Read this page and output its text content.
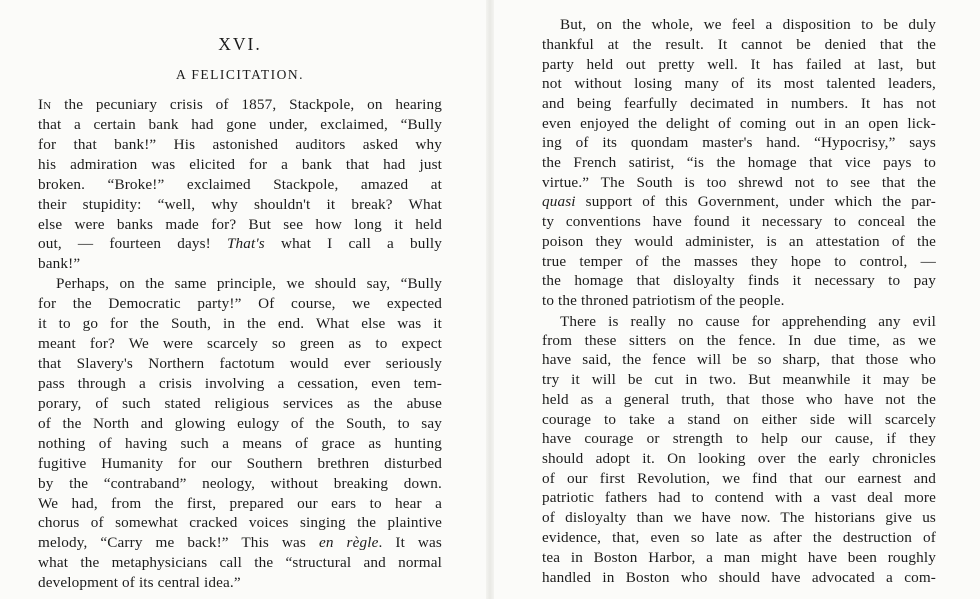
XVI.
A FELICITATION.

In the pecuniary crisis of 1857, Stackpole, on hearing

that a certain bank had gone under, exclaimed, “Bully

for that bank!” His astonished auditors asked why

his admiration was elicited for a bank that had just

broken. “Broke!” exclaimed Stackpole, amazed at

their stupidity: “well, why shouldn't it break? What

else were banks made for? But see how long it held

out, — fourteen days! That's what I call a bully

bank!”

Perhaps, on the same principle, we should say, “Bully

for the Democratic party!” Of course, we expected

it to go for the South, in the end. What else was it

meant for? We were scarcely so green as to expect

that Slavery's Northern factotum would ever seriously

pass through a crisis involving a cessation, even tem-

porary, of such stated religious services as the abuse

of the North and glowing eulogy of the South, to say

nothing of having such a means of grace as hunting

fugitive Humanity for our Southern brethren disturbed

by the “contraband” neology, without breaking down.

We had, from the first, prepared our ears to hear a

chorus of somewhat cracked voices singing the plaintive

melody, “Carry me back!” This was en règle. It was

what the metaphysicians call the “structural and normal

development of its central idea.”

But, on the whole, we feel a disposition to be duly

thankful at the result. It cannot be denied that the

party held out pretty well. It has failed at last, but

not without losing many of its most talented leaders,

and being fearfully decimated in numbers. It has not

even enjoyed the delight of coming out in an open lick-

ing of its quondam master's hand. “Hypocrisy,” says

the French satirist, “is the homage that vice pays to

virtue.” The South is too shrewd not to see that the

quasi support of this Government, under which the par-

ty conventions have found it necessary to conceal the

poison they would administer, is an attestation of the

true temper of the masses they hope to control, —

the homage that disloyalty finds it necessary to pay

to the throned patriotism of the people.

There is really no cause for apprehending any evil

from these sitters on the fence. In due time, as we

have said, the fence will be so sharp, that those who

try it will be cut in two. But meanwhile it may be

held as a general truth, that those who have not the

courage to take a stand on either side will scarcely

have courage or strength to help our cause, if they

should adopt it. On looking over the early chronicles

of our first Revolution, we find that our earnest and

patriotic fathers had to contend with a vast deal more

of disloyalty than we have now. The historians give us

evidence, that, even so late as after the destruction of

tea in Boston Harbor, a man might have been roughly

handled in Boston who should have advocated a com-
